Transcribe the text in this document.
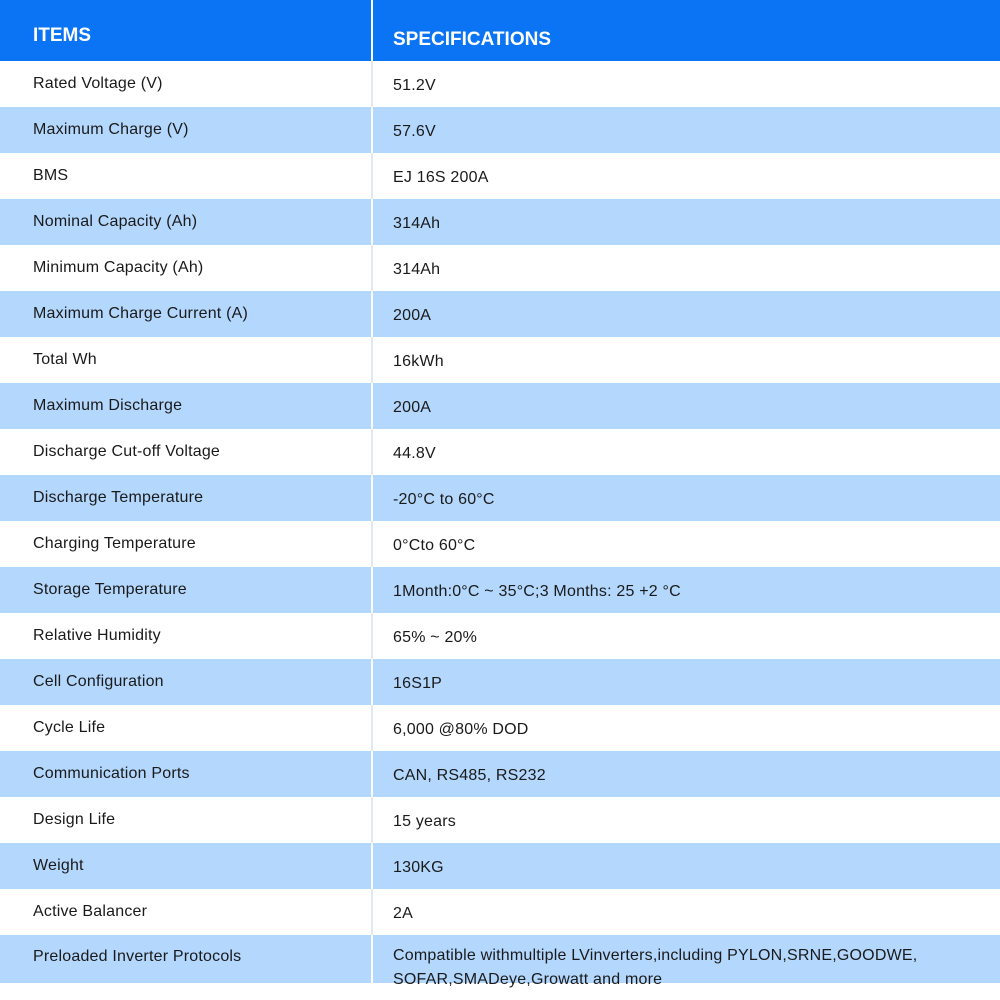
ITEMS	SPECIFICATIONS
Rated Voltage (V)	51.2V
Maximum Charge (V)	57.6V
BMS	EJ 16S 200A
Nominal Capacity (Ah)	314Ah
Minimum Capacity (Ah)	314Ah
Maximum Charge Current (A)	200A
Total Wh	16kWh
Maximum Discharge	200A
Discharge Cut-off Voltage	44.8V
Discharge Temperature	-20°C to 60°C
Charging Temperature	0°Cto 60°C
Storage Temperature	1Month:0°C ~ 35°C;3 Months: 25 +2 °C
Relative Humidity	65% ~ 20%
Cell Configuration	16S1P
Cycle Life	6,000 @80% DOD
Communication Ports	CAN, RS485, RS232
Design Life	15 years
Weight	130KG
Active Balancer	2A
Preloaded Inverter Protocols	Compatible withmultiple LVinverters,including PYLON,SRNE,GOODWE, SOFAR,SMADeye,Growatt and more
